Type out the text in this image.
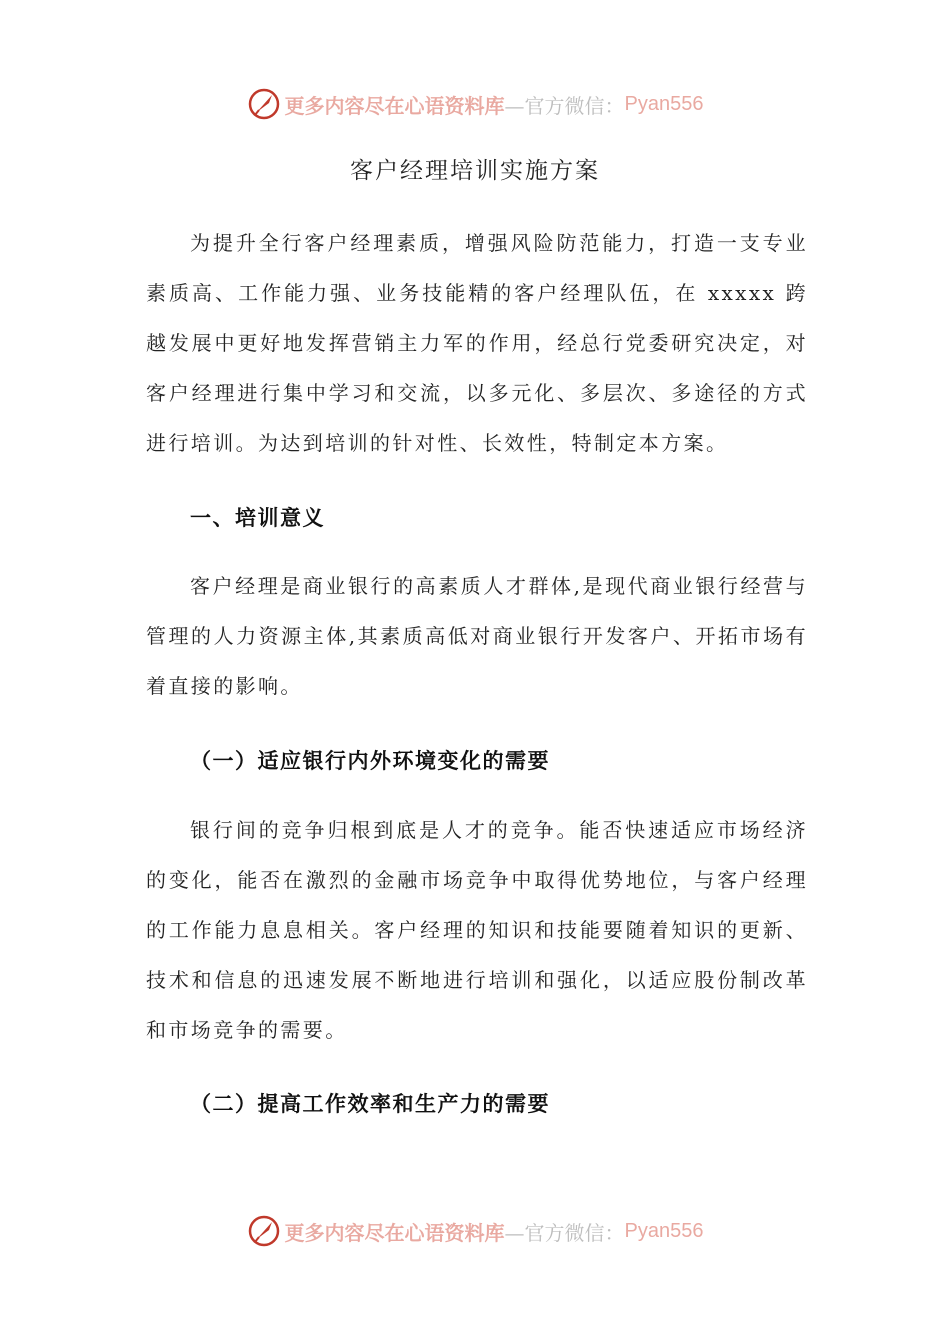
更多内容尽在心语资料库 —官方微信： Pyan556
客户经理培训实施方案

为提升全行客户经理素质，增强风险防范能力，打造一支专业素质高、工作能力强、业务技能精的客户经理队伍，在 xxxxx 跨越发展中更好地发挥营销主力军的作用，经总行党委研究决定，对客户经理进行集中学习和交流，以多元化、多层次、多途径的方式进行培训。为达到培训的针对性、长效性，特制定本方案。

一、培训意义

客户经理是商业银行的高素质人才群体,是现代商业银行经营与管理的人力资源主体,其素质高低对商业银行开发客户、开拓市场有着直接的影响。

（一）适应银行内外环境变化的需要

银行间的竞争归根到底是人才的竞争。能否快速适应市场经济的变化，能否在激烈的金融市场竞争中取得优势地位，与客户经理的工作能力息息相关。客户经理的知识和技能要随着知识的更新、技术和信息的迅速发展不断地进行培训和强化，以适应股份制改革和市场竞争的需要。

（二）提高工作效率和生产力的需要

更多内容尽在心语资料库 —官方微信： Pyan556
